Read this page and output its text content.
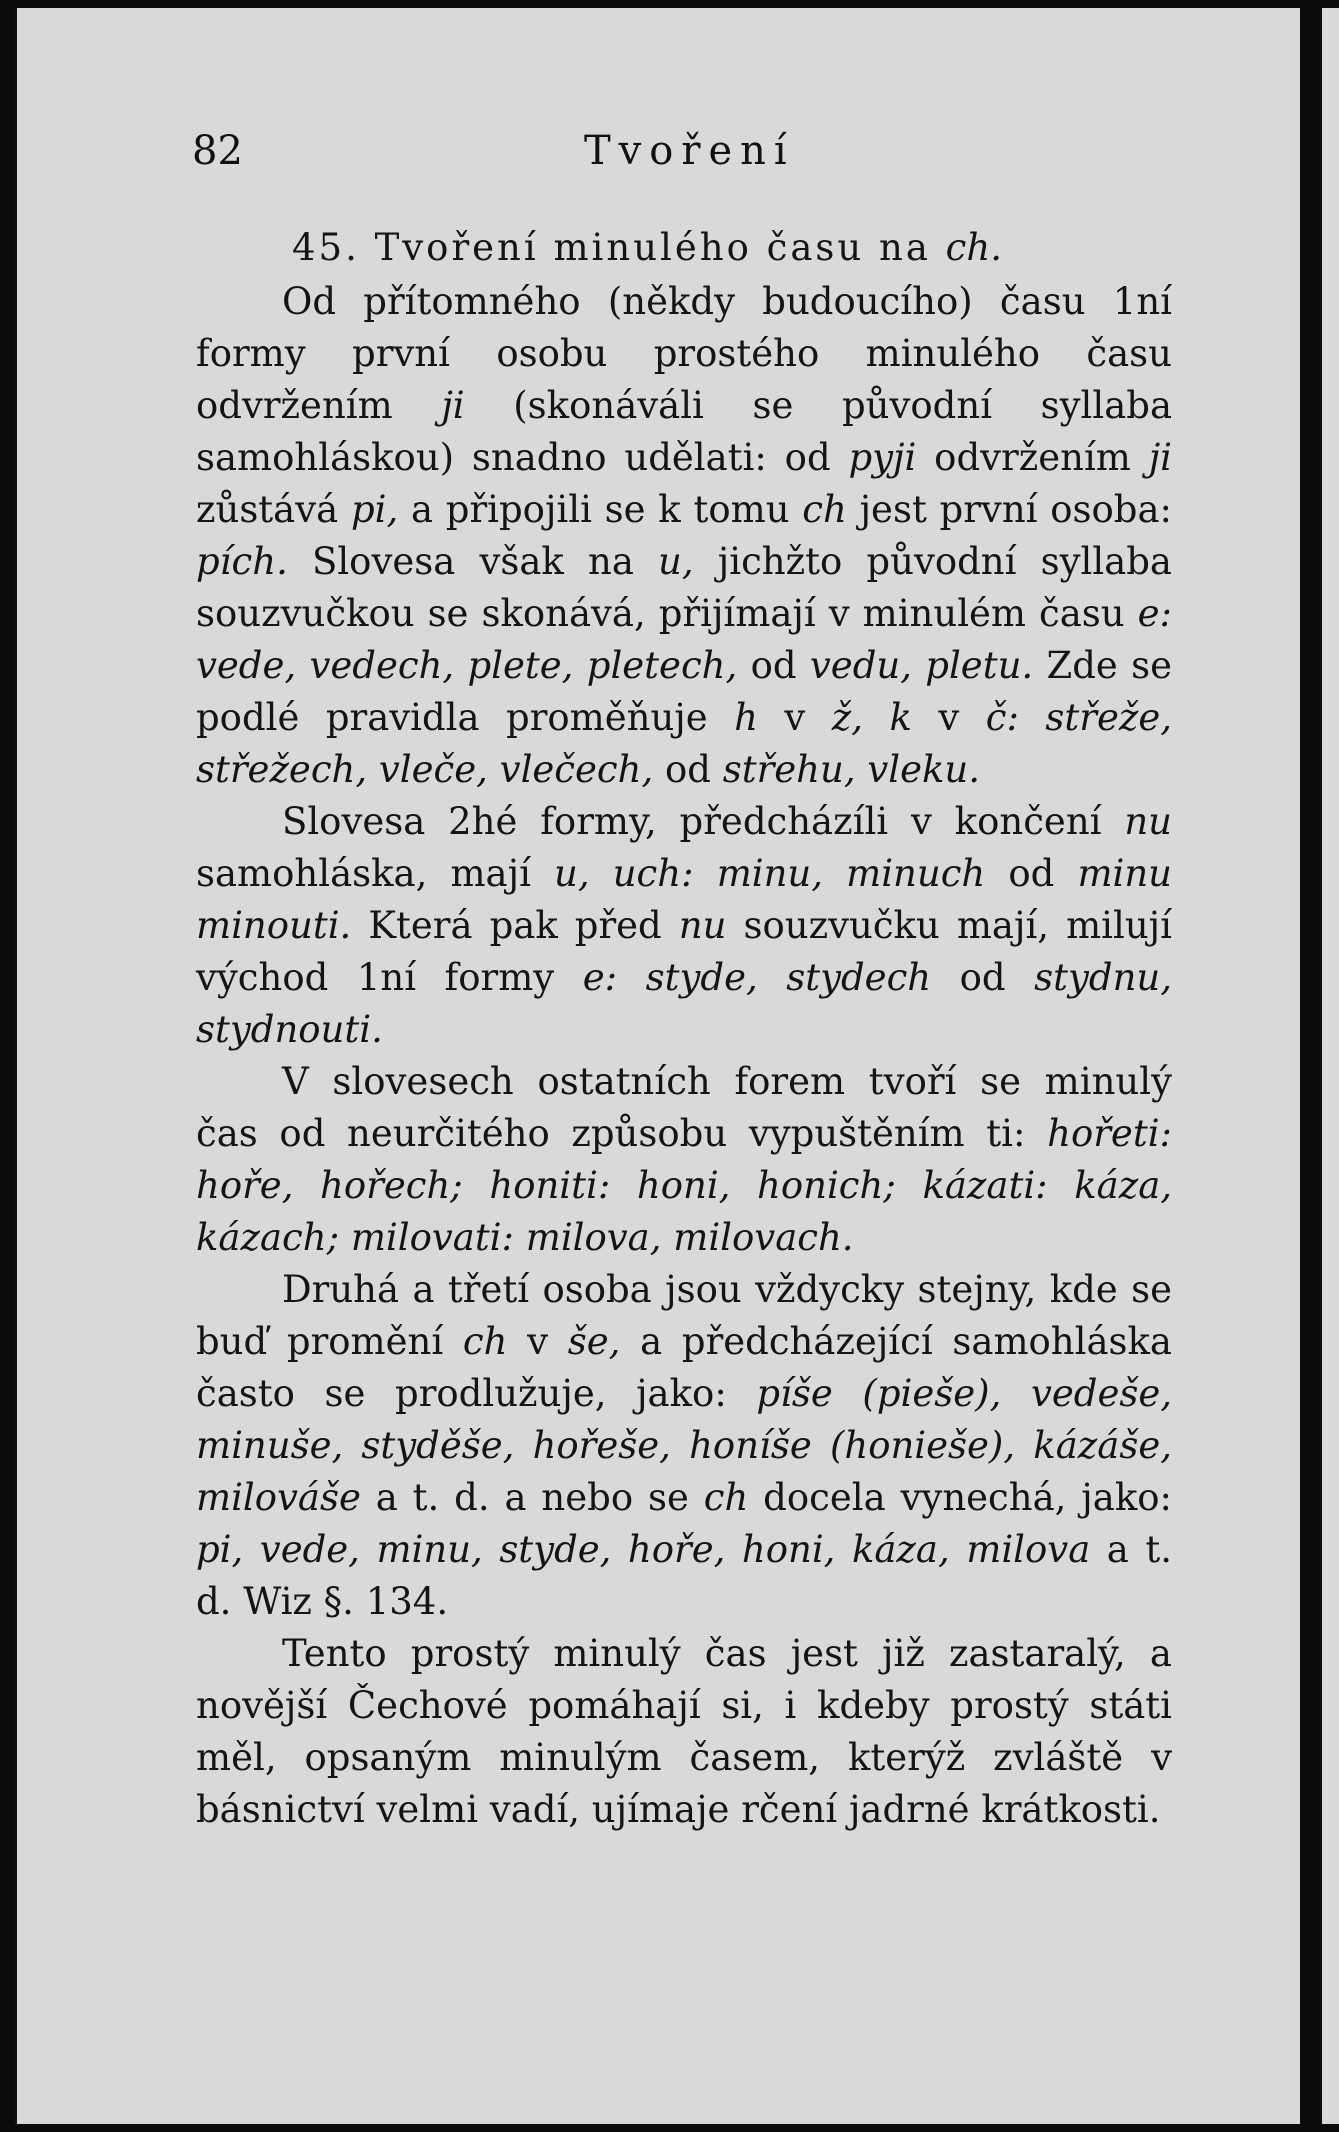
82	Tvoření
45. Tvoření minulého času na ch.

Od přítomného (někdy budoucího) času 1ní formy první osobu prostého minulého času odvržením ji (skonáváli se původní syllaba samohláskou) snadno udělati: od pyji odvržením ji zůstává pi, a připojili se k tomu ch jest první osoba: pích. Slovesa však na u, jichžto původní syllaba souzvučkou se skonává, přijímají v minulém času e: vede, vedech, plete, pletech, od vedu, pletu. Zde se podlé pravidla proměňuje h v ž, k v č: střeže, střežech, vleče, vlečech, od střehu, vleku.

Slovesa 2hé formy, předcházíli v končení nu samohláska, mají u, uch: minu, minuch od minu minouti. Která pak před nu souzvučku mají, milují východ 1ní formy e: styde, stydech od stydnu, stydnouti.

V slovesech ostatních forem tvoří se minulý čas od neurčitého způsobu vypuštěním ti: hořeti: hoře, hořech; honiti: honi, honich; kázati: káza, kázach; milovati: milova, milovach.

Druhá a třetí osoba jsou vždycky stejny, kde se buď promění ch v še, a předcházející samohláska často se prodlužuje, jako: píše (pieše), vedeše, minuše, styděše, hořeše, honíše (honieše), kázáše, milováše a t. d. a nebo se ch docela vynechá, jako: pi, vede, minu, styde, hoře, honi, káza, milova a t. d. Wiz §. 134.

Tento prostý minulý čas jest již zastaralý, a novější Čechové pomáhají si, i kdeby prostý státi měl, opsaným minulým časem, kterýž zvláště v básnictví velmi vadí, ujímaje rčení jadrné krátkosti.
